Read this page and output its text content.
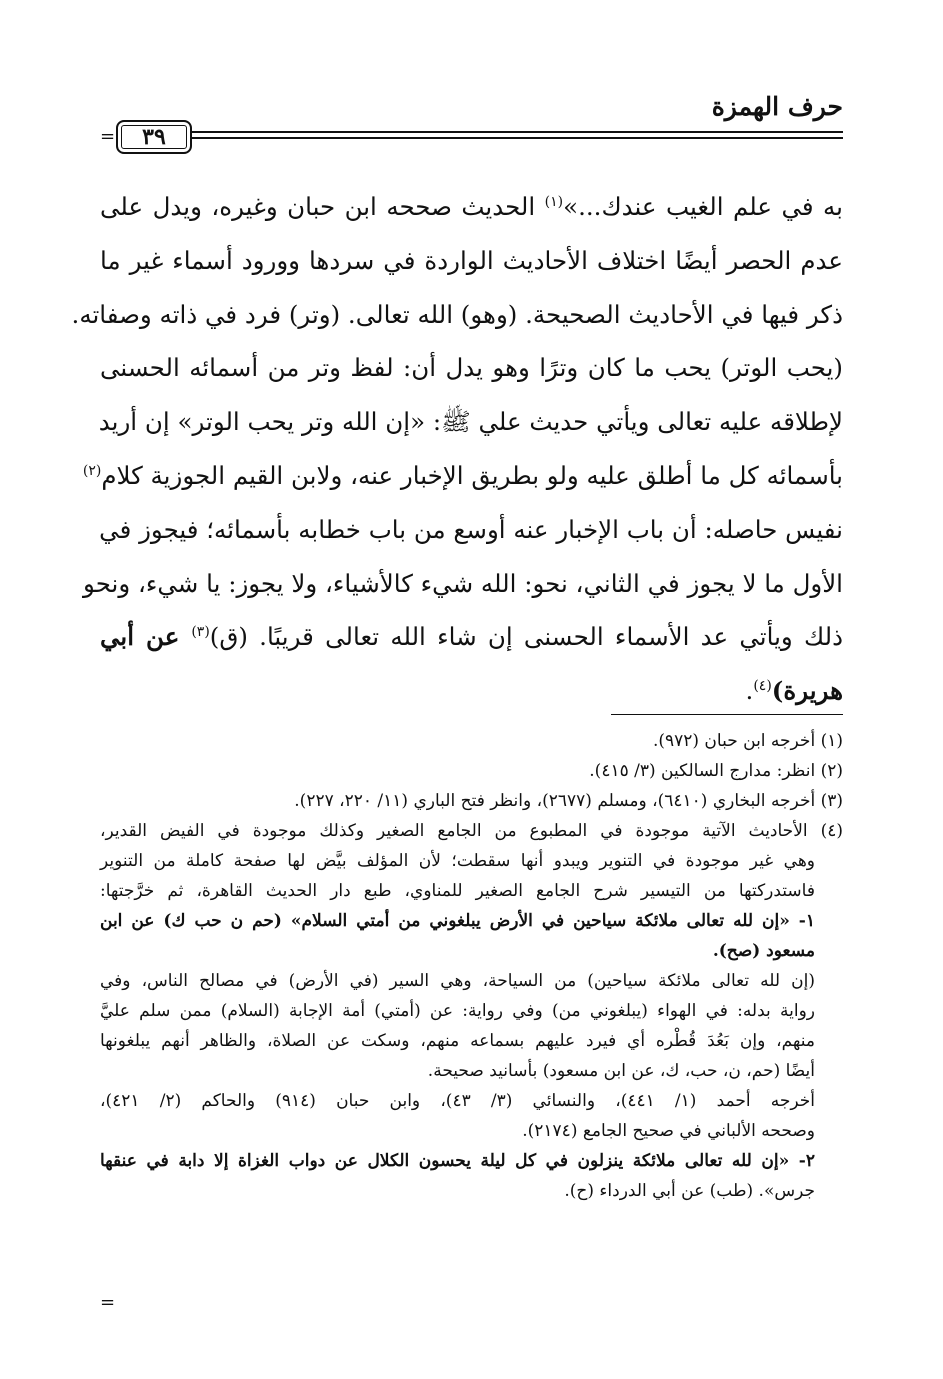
حرف الهمزة
٣٩
=
به في علم الغيب عندك...»$^{(١)}$ الحديث صححه ابن حبان وغيره، ويدل على
عدم الحصر أيضًا اختلاف الأحاديث الواردة في سردها وورود أسماء غير ما
ذكر فيها في الأحاديث الصحيحة. (وهو) الله تعالى. (وتر) فرد في ذاته وصفاته.
(يحب الوتر) يحب ما كان وترًا وهو يدل أن: لفظ وتر من أسمائه الحسنى
لإطلاقه عليه تعالى ويأتي حديث علي ﷺ: «إن الله وتر يحب الوتر» إن أريد
بأسمائه كل ما أطلق عليه ولو بطريق الإخبار عنه، ولابن القيم الجوزية كلام$^{(٢)}$
نفيس حاصله: أن باب الإخبار عنه أوسع من باب خطابه بأسمائه؛ فيجوز في
الأول ما لا يجوز في الثاني، نحو: الله شيء كالأشياء، ولا يجوز: يا شيء، ونحو
ذلك ويأتي عد الأسماء الحسنى إن شاء الله تعالى قريبًا. (ق)$^{(٣)}$ عن أبي
هريرة)$^{(٤)}$.
(١) أخرجه ابن حبان (٩٧٢).
(٢) انظر: مدارج السالكين (٣/ ٤١٥).
(٣) أخرجه البخاري (٦٤١٠)، ومسلم (٢٦٧٧)، وانظر فتح الباري (١١/ ٢٢٠، ٢٢٧).
(٤) الأحاديث الآتية موجودة في المطبوع من الجامع الصغير وكذلك موجودة في الفيض القدير،
وهي غير موجودة في التنوير ويبدو أنها سقطت؛ لأن المؤلف بيَّض لها صفحة كاملة من التنوير
فاستدركتها من التيسير شرح الجامع الصغير للمناوي، طبع دار الحديث القاهرة، ثم خرَّجتها:
١- «إن لله تعالى ملائكة سياحين في الأرض يبلغوني من أمتي السلام» (حم ن حب ك) عن ابن
مسعود (صح).
(إن لله تعالى ملائكة سياحين) من السياحة، وهي السير (في الأرض) في مصالح الناس، وفي
رواية بدله: في الهواء (يبلغوني من) وفي رواية: عن (أمتي) أمة الإجابة (السلام) ممن سلم عليَّ
منهم، وإن بَعُدَ قُطْره أي فيرد عليهم بسماعه منهم، وسكت عن الصلاة، والظاهر أنهم يبلغونها
أيضًا (حم، ن، حب، ك، عن ابن مسعود) بأسانيد صحيحة.
أخرجه أحمد (١/ ٤٤١)، والنسائي (٣/ ٤٣)، وابن حبان (٩١٤) والحاكم (٢/ ٤٢١)،
وصححه الألباني في صحيح الجامع (٢١٧٤).
٢- «إن لله تعالى ملائكة ينزلون في كل ليلة يحسون الكلال عن دواب الغزاة إلا دابة في عنقها
جرس». (طب) عن أبي الدرداء (ح).
=
